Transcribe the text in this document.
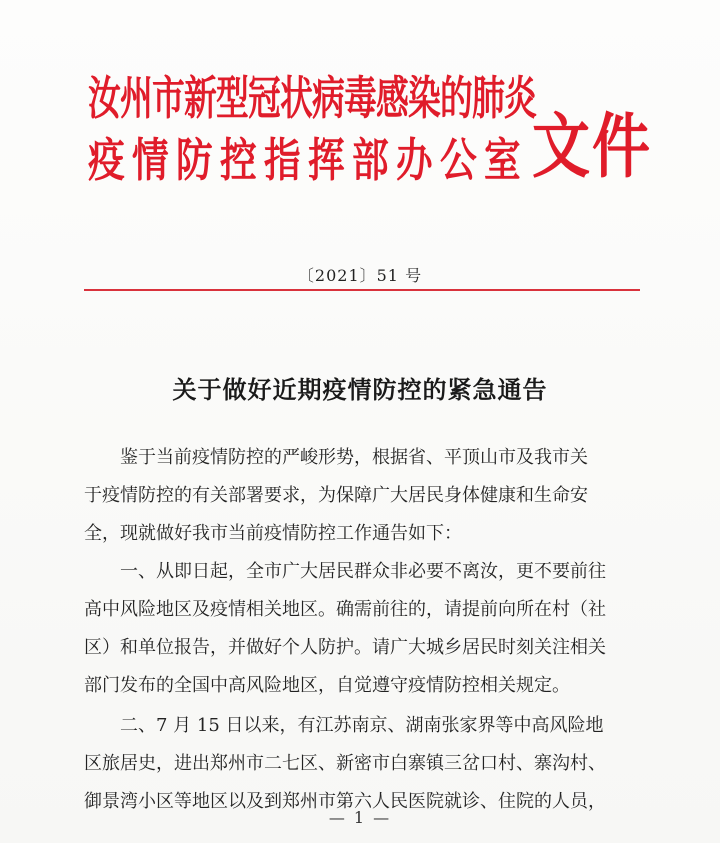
汝州市新型冠状病毒感染的肺炎
疫情防控指挥部办公室 文件
〔2021〕51 号
关于做好近期疫情防控的紧急通告
　　鉴于当前疫情防控的严峻形势，根据省、平顶山市及我市关
于疫情防控的有关部署要求，为保障广大居民身体健康和生命安
全，现就做好我市当前疫情防控工作通告如下：
　　一、从即日起，全市广大居民群众非必要不离汝，更不要前往
高中风险地区及疫情相关地区。确需前往的，请提前向所在村（社
区）和单位报告，并做好个人防护。请广大城乡居民时刻关注相关
部门发布的全国中高风险地区，自觉遵守疫情防控相关规定。
　　二、7 月 15 日以来，有江苏南京、湖南张家界等中高风险地
区旅居史，进出郑州市二七区、新密市白寨镇三岔口村、寨沟村、
御景湾小区等地区以及到郑州市第六人民医院就诊、住院的人员，
— 1 —
